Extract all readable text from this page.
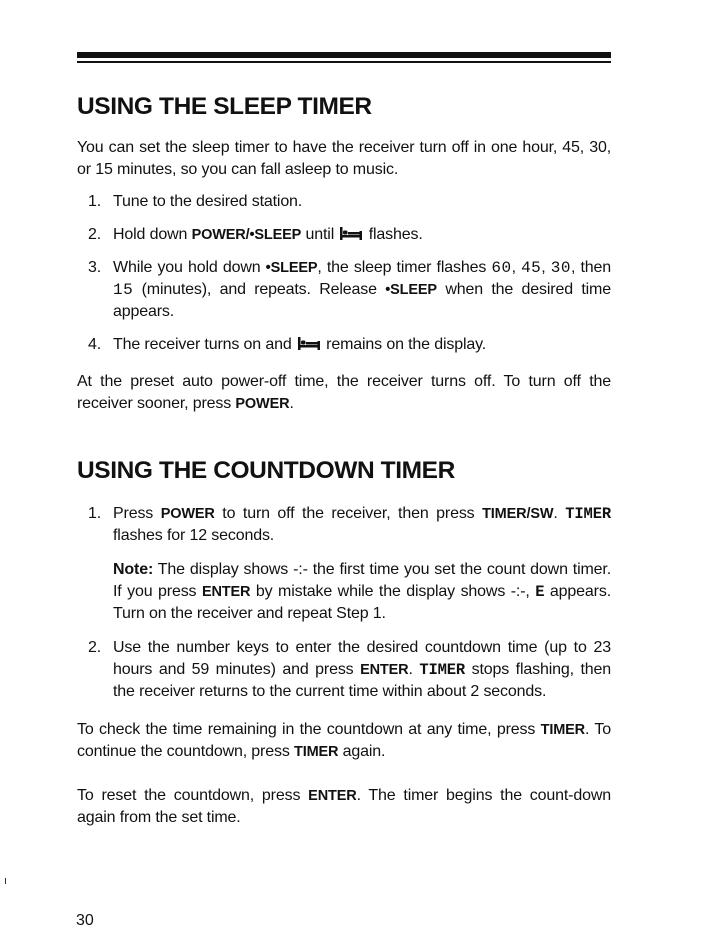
USING THE SLEEP TIMER

You can set the sleep timer to have the receiver turn off in one hour, 45, 30, or 15 minutes, so you can fall asleep to music.

1. Tune to the desired station.
2. Hold down POWER/•SLEEP until  flashes.
3. While you hold down •SLEEP, the sleep timer flashes 60, 45, 30, then 15 (minutes), and repeats. Release •SLEEP when the desired time appears.
4. The receiver turns on and  remains on the display.

At the preset auto power-off time, the receiver turns off. To turn off the receiver sooner, press POWER.

USING THE COUNTDOWN TIMER
1. Press POWER to turn off the receiver, then press TIMER/SW. TIMER flashes for 12 seconds.

Note: The display shows -:- the first time you set the count down timer. If you press ENTER by mistake while the display shows -:-, E appears. Turn on the receiver and repeat Step 1.

2. Use the number keys to enter the desired countdown time (up to 23 hours and 59 minutes) and press ENTER. TIMER stops flashing, then the receiver returns to the current time within about 2 seconds.

To check the time remaining in the countdown at any time, press TIMER. To continue the countdown, press TIMER again.

To reset the countdown, press ENTER. The timer begins the count-down again from the set time.

30
